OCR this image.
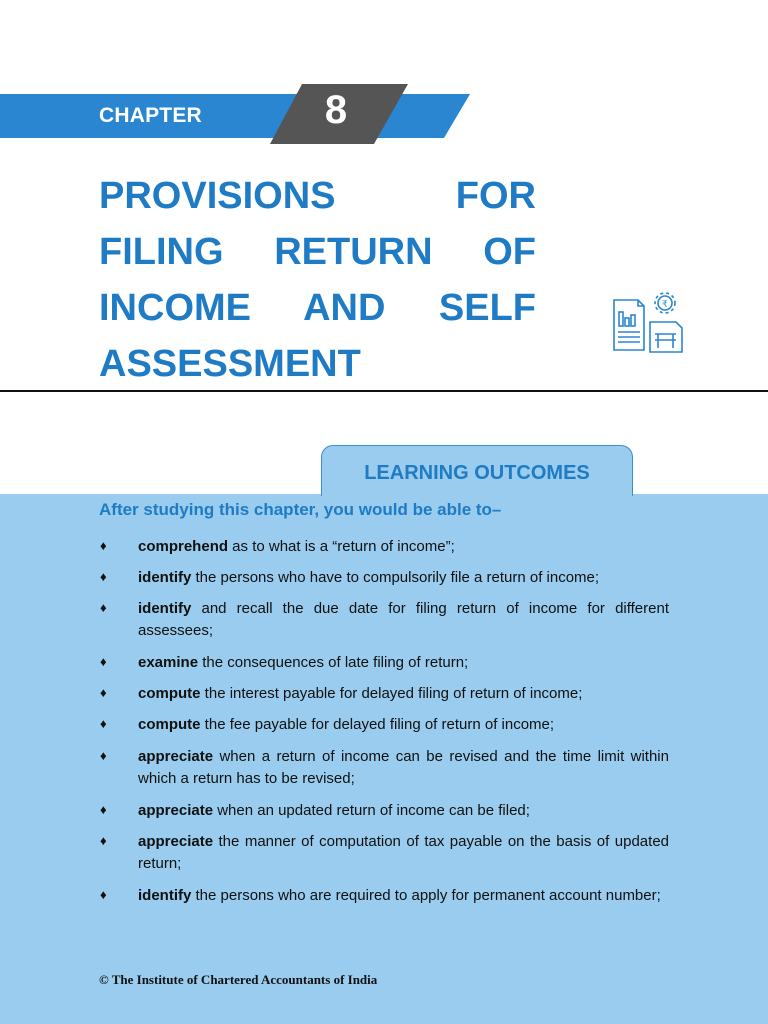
CHAPTER	8
PROVISIONS FOR FILING RETURN OF INCOME AND SELF ASSESSMENT
₹
LEARNING OUTCOMES
After studying this chapter, you would be able to–
♦ comprehend as to what is a “return of income”;
♦ identify the persons who have to compulsorily file a return of income;
♦ identify and recall the due date for filing return of income for different assessees;
♦ examine the consequences of late filing of return;
♦ compute the interest payable for delayed filing of return of income;
♦ compute the fee payable for delayed filing of return of income;
♦ appreciate when a return of income can be revised and the time limit within which a return has to be revised;
♦ appreciate when an updated return of income can be filed;
♦ appreciate the manner of computation of tax payable on the basis of updated return;
♦ identify the persons who are required to apply for permanent account number;
© The Institute of Chartered Accountants of India
